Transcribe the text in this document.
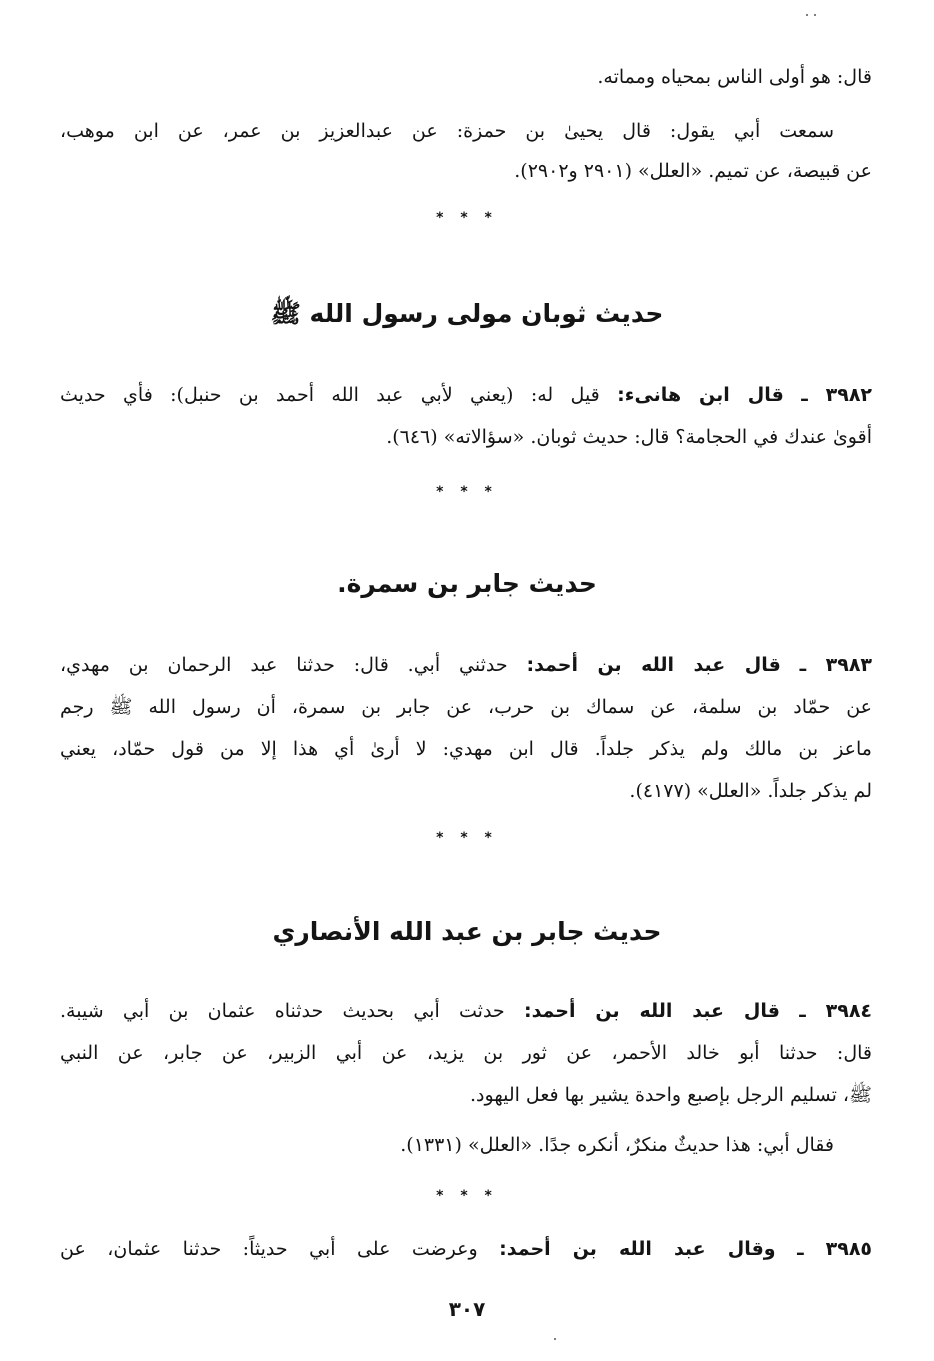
قال: هو أولى الناس بمحياه ومماته.
سمعت أبي يقول: قال يحيىٰ بن حمزة: عن عبدالعزيز بن عمر، عن ابن موهب،
عن قبيصة، عن تميم. «العلل» (٢٩٠١ و٢٩٠٢).
* * *
حديث ثوبان مولى رسول الله ﷺ
٣٩٨٢ ـ قال ابن هانىء: قيل له: (يعني لأبي عبد الله أحمد بن حنبل): فأي حديث
أقوىٰ عندك في الحجامة؟ قال: حديث ثوبان. «سؤالاته» (٦٤٦).
* * *
حديث جابر بن سمرة.
٣٩٨٣ ـ قال عبد الله بن أحمد: حدثني أبي. قال: حدثنا عبد الرحمان بن مهدي،
عن حمّاد بن سلمة، عن سماك بن حرب، عن جابر بن سمرة، أن رسول الله ﷺ رجم
ماعز بن مالك ولم يذكر جلداً. قال ابن مهدي: لا أرىٰ أي هذا إلا من قول حمّاد، يعني
لم يذكر جلداً. «العلل» (٤١٧٧).
* * *
حديث جابر بن عبد الله الأنصاري
٣٩٨٤ ـ قال عبد الله بن أحمد: حدثت أبي بحديث حدثناه عثمان بن أبي شيبة.
قال: حدثنا أبو خالد الأحمر، عن ثور بن يزيد، عن أبي الزبير، عن جابر، عن النبي
ﷺ، تسليم الرجل بإصبع واحدة يشير بها فعل اليهود.
فقال أبي: هذا حديثٌ منكرٌ، أنكره جدًا. «العلل» (١٣٣١).
* * *
٣٩٨٥ ـ وقال عبد الله بن أحمد: وعرضت على أبي حديثاً: حدثنا عثمان، عن
٣٠٧
